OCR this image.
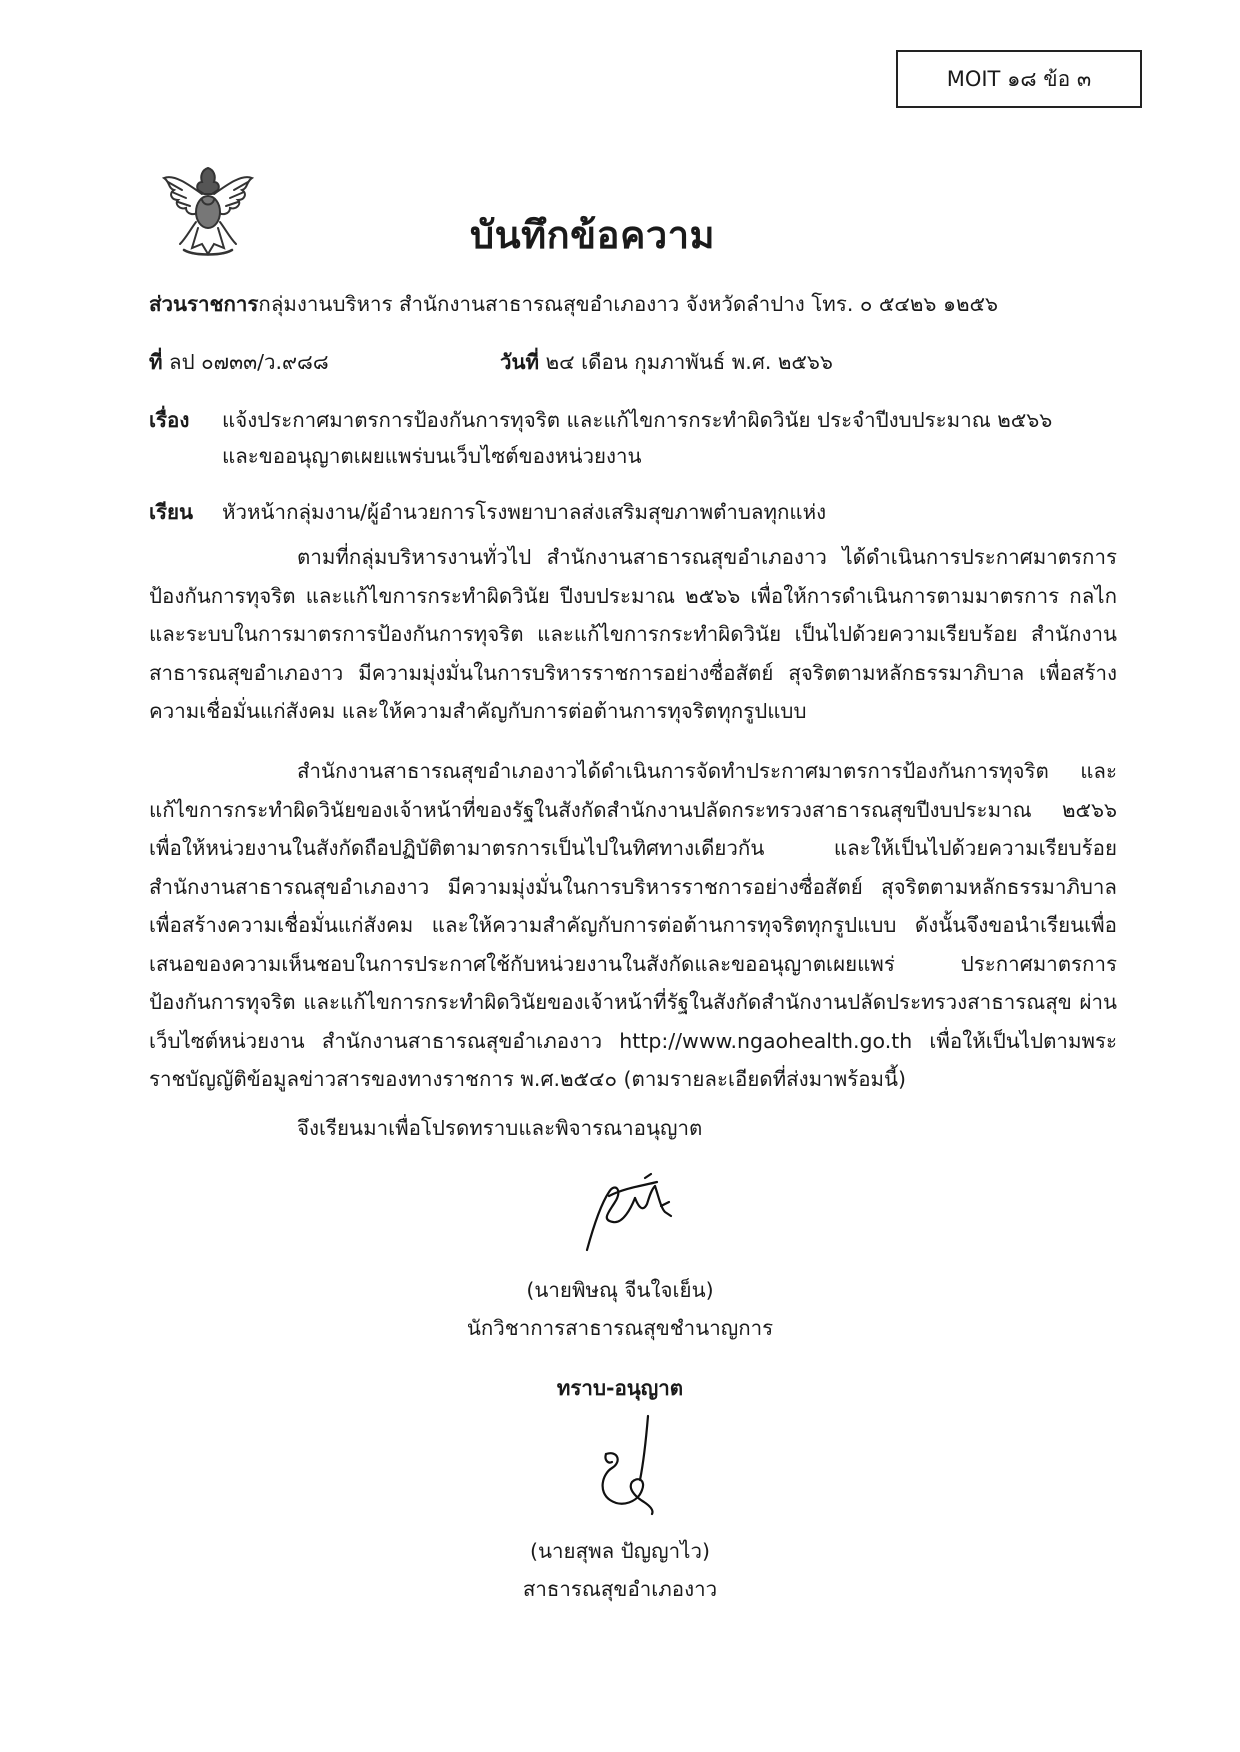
MOIT ๑๘ ข้อ ๓
บันทึกข้อความ
ส่วนราชการกลุ่มงานบริหาร สำนักงานสาธารณสุขอำเภองาว จังหวัดลำปาง โทร. ๐ ๕๔๒๖ ๑๒๕๖
ที่ ลป ๐๗๓๓/ว.๙๘๘	วันที่ ๒๔ เดือน กุมภาพันธ์ พ.ศ. ๒๕๖๖
เรื่อง แจ้งประกาศมาตรการป้องกันการทุจริต และแก้ไขการกระทำผิดวินัย ประจำปีงบประมาณ ๒๕๖๖
และขออนุญาตเผยแพร่บนเว็บไซต์ของหน่วยงาน
เรียน หัวหน้ากลุ่มงาน/ผู้อำนวยการโรงพยาบาลส่งเสริมสุขภาพตำบลทุกแห่ง
ตามที่กลุ่มบริหารงานทั่วไป สำนักงานสาธารณสุขอำเภองาว ได้ดำเนินการประกาศมาตรการป้องกันการทุจริต และแก้ไขการกระทำผิดวินัย ปีงบประมาณ ๒๕๖๖ เพื่อให้การดำเนินการตามมาตรการ กลไก และระบบในการมาตรการป้องกันการทุจริต และแก้ไขการกระทำผิดวินัย เป็นไปด้วยความเรียบร้อย สำนักงานสาธารณสุขอำเภองาว มีความมุ่งมั่นในการบริหารราชการอย่างซื่อสัตย์ สุจริตตามหลักธรรมาภิบาล เพื่อสร้างความเชื่อมั่นแก่สังคม และให้ความสำคัญกับการต่อต้านการทุจริตทุกรูปแบบ
สำนักงานสาธารณสุขอำเภองาวได้ดำเนินการจัดทำประกาศมาตรการป้องกันการทุจริต และแก้ไขการกระทำผิดวินัยของเจ้าหน้าที่ของรัฐในสังกัดสำนักงานปลัดกระทรวงสาธารณสุขปีงบประมาณ ๒๕๖๖ เพื่อให้หน่วยงานในสังกัดถือปฏิบัติตามาตรการเป็นไปในทิศทางเดียวกัน และให้เป็นไปด้วยความเรียบร้อย สำนักงานสาธารณสุขอำเภองาว มีความมุ่งมั่นในการบริหารราชการอย่างซื่อสัตย์ สุจริตตามหลักธรรมาภิบาล เพื่อสร้างความเชื่อมั่นแก่สังคม และให้ความสำคัญกับการต่อต้านการทุจริตทุกรูปแบบ ดังนั้นจึงขอนำเรียนเพื่อเสนอของความเห็นชอบในการประกาศใช้กับหน่วยงานในสังกัดและขออนุญาตเผยแพร่ ประกาศมาตรการป้องกันการทุจริต และแก้ไขการกระทำผิดวินัยของเจ้าหน้าที่รัฐในสังกัดสำนักงานปลัดประทรวงสาธารณสุข ผ่านเว็บไซต์หน่วยงาน สำนักงานสาธารณสุขอำเภองาว http://www.ngaohealth.go.th เพื่อให้เป็นไปตามพระราชบัญญัติข้อมูลข่าวสารของทางราชการ พ.ศ.๒๕๔๐ (ตามรายละเอียดที่ส่งมาพร้อมนี้)
จึงเรียนมาเพื่อโปรดทราบและพิจารณาอนุญาต
(นายพิษณุ จีนใจเย็น)
นักวิชาการสาธารณสุขชำนาญการ
ทราบ-อนุญาต
(นายสุพล ปัญญาไว)
สาธารณสุขอำเภองาว
